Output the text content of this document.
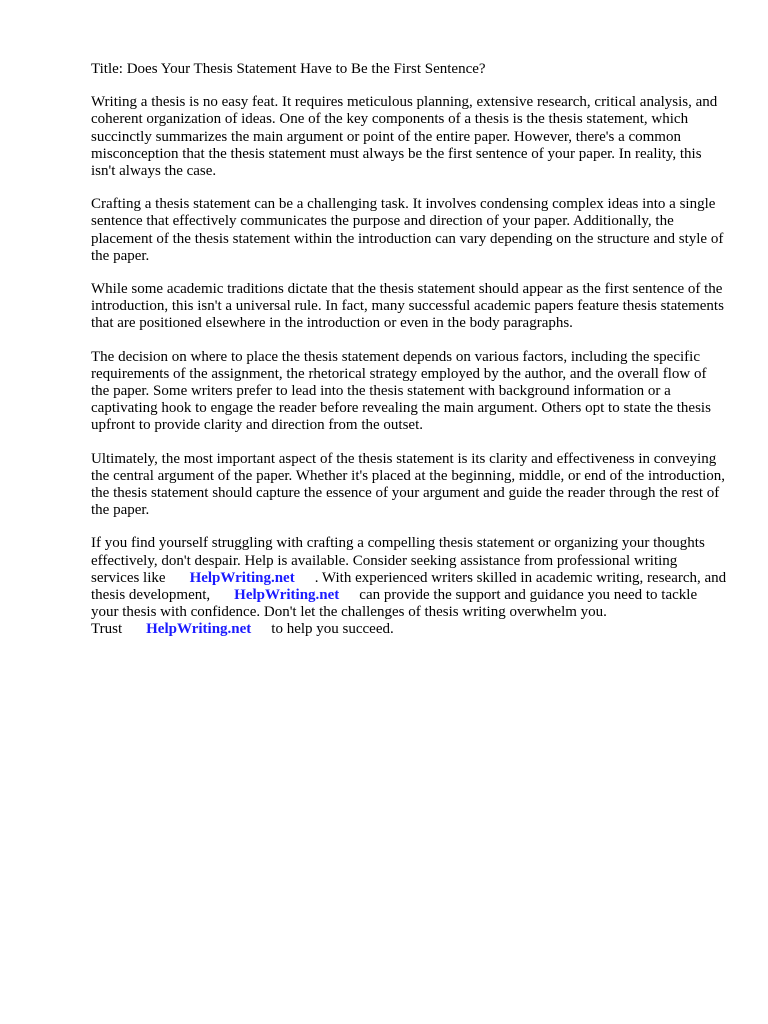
Title: Does Your Thesis Statement Have to Be the First Sentence?

Writing a thesis is no easy feat. It requires meticulous planning, extensive research, critical analysis, and coherent organization of ideas. One of the key components of a thesis is the thesis statement, which succinctly summarizes the main argument or point of the entire paper. However, there's a common misconception that the thesis statement must always be the first sentence of your paper. In reality, this isn't always the case.

Crafting a thesis statement can be a challenging task. It involves condensing complex ideas into a single sentence that effectively communicates the purpose and direction of your paper. Additionally, the placement of the thesis statement within the introduction can vary depending on the structure and style of the paper.

While some academic traditions dictate that the thesis statement should appear as the first sentence of the introduction, this isn't a universal rule. In fact, many successful academic papers feature thesis statements that are positioned elsewhere in the introduction or even in the body paragraphs.

The decision on where to place the thesis statement depends on various factors, including the specific requirements of the assignment, the rhetorical strategy employed by the author, and the overall flow of the paper. Some writers prefer to lead into the thesis statement with background information or a captivating hook to engage the reader before revealing the main argument. Others opt to state the thesis upfront to provide clarity and direction from the outset.

Ultimately, the most important aspect of the thesis statement is its clarity and effectiveness in conveying the central argument of the paper. Whether it's placed at the beginning, middle, or end of the introduction, the thesis statement should capture the essence of your argument and guide the reader through the rest of the paper.

If you find yourself struggling with crafting a compelling thesis statement or organizing your thoughts effectively, don't despair. Help is available. Consider seeking assistance from professional writing services like HelpWriting.net . With experienced writers skilled in academic writing, research, and thesis development, HelpWriting.net can provide the support and guidance you need to tackle your thesis with confidence. Don't let the challenges of thesis writing overwhelm you. Trust HelpWriting.net to help you succeed.
